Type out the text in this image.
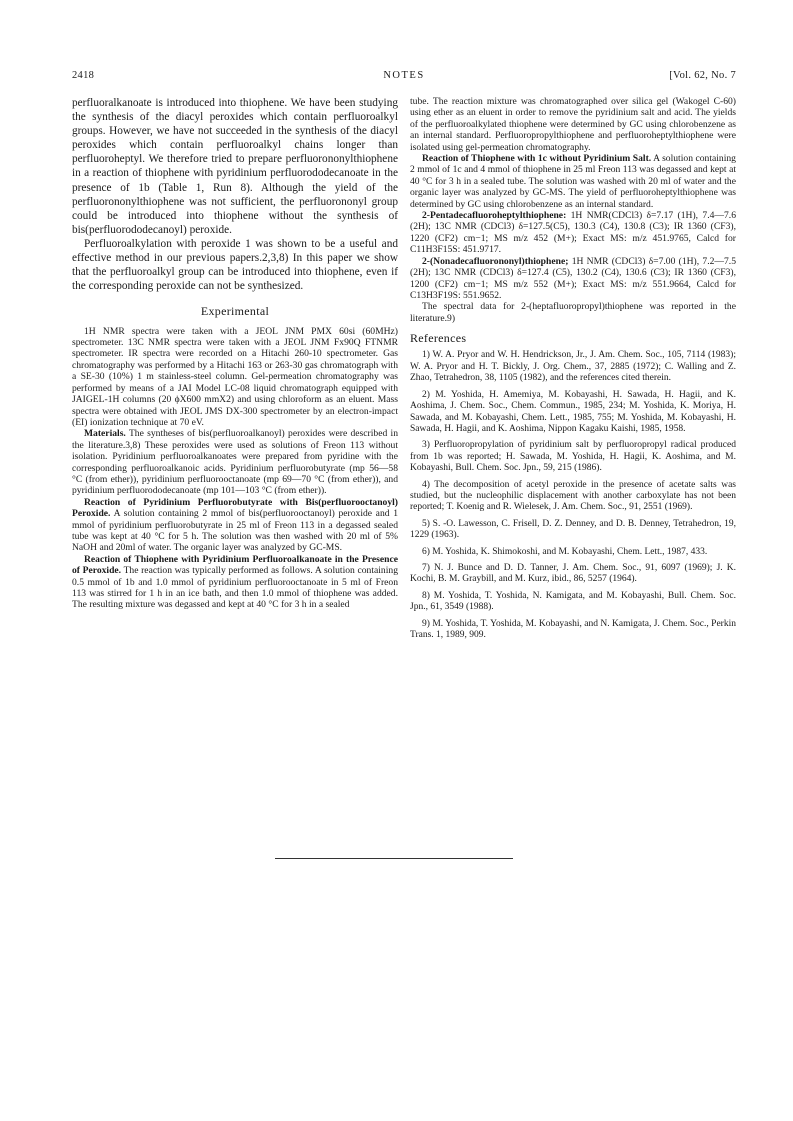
2418	NOTES	[Vol. 62, No. 7

perfluoralkanoate is introduced into thiophene. We have been studying the synthesis of the diacyl peroxides which contain perfluoroalkyl groups. However, we have not succeeded in the synthesis of the diacyl peroxides which contain perfluoroalkyl chains longer than perfluoroheptyl. We therefore tried to prepare perfluorononylthiophene in a reaction of thiophene with pyridinium perfluorododecanoate in the presence of 1b (Table 1, Run 8). Although the yield of the perfluorononylthiophene was not sufficient, the perfluorononyl group could be introduced into thiophene without the synthesis of bis(perfluorododecanoyl) peroxide.

Perfluoroalkylation with peroxide 1 was shown to be a useful and effective method in our previous papers.2,3,8) In this paper we show that the perfluoroalkyl group can be introduced into thiophene, even if the corresponding peroxide can not be synthesized.

Experimental

1H NMR spectra were taken with a JEOL JNM PMX 60si (60MHz) spectrometer. 13C NMR spectra were taken with a JEOL JNM Fx90Q FTNMR spectrometer. IR spectra were recorded on a Hitachi 260-10 spectrometer. Gas chromatography was performed by a Hitachi 163 or 263-30 gas chromatograph with a SE-30 (10%) 1 m stainless-steel column. Gel-permeation chromatography was performed by means of a JAI Model LC-08 liquid chromatograph equipped with JAIGEL-1H columns (20 ϕX600 mmX2) and using chloroform as an eluent. Mass spectra were obtained with JEOL JMS DX-300 spectrometer by an electron-impact (EI) ionization technique at 70 eV.

Materials. The syntheses of bis(perfluoroalkanoyl) peroxides were described in the literature.3,8) These peroxides were used as solutions of Freon 113 without isolation. Pyridinium perfluoroalkanoates were prepared from pyridine with the corresponding perfluoroalkanoic acids. Pyridinium perfluorobutyrate (mp 56—58 °C (from ether)), pyridinium perfluorooctanoate (mp 69—70 °C (from ether)), and pyridinium perfluorododecanoate (mp 101—103 °C (from ether)).

Reaction of Pyridinium Perfluorobutyrate with Bis(perfluorooctanoyl) Peroxide. A solution containing 2 mmol of bis(perfluorooctanoyl) peroxide and 1 mmol of pyridinium perfluorobutyrate in 25 ml of Freon 113 in a degassed sealed tube was kept at 40 °C for 5 h. The solution was then washed with 20 ml of 5% NaOH and 20ml of water. The organic layer was analyzed by GC-MS.

Reaction of Thiophene with Pyridinium Perfluoroalkanoate in the Presence of Peroxide. The reaction was typically performed as follows. A solution containing 0.5 mmol of 1b and 1.0 mmol of pyridinium perfluorooctanoate in 5 ml of Freon 113 was stirred for 1 h in an ice bath, and then 1.0 mmol of thiophene was added. The resulting mixture was degassed and kept at 40 °C for 3 h in a sealed

tube. The reaction mixture was chromatographed over silica gel (Wakogel C-60) using ether as an eluent in order to remove the pyridinium salt and acid. The yields of the perfluoroalkylated thiophene were determined by GC using chlorobenzene as an internal standard. Perfluoropropylthiophene and perfluoroheptylthiophene were isolated using gel-permeation chromatography.

Reaction of Thiophene with 1c without Pyridinium Salt. A solution containing 2 mmol of 1c and 4 mmol of thiophene in 25 ml Freon 113 was degassed and kept at 40 °C for 3 h in a sealed tube. The solution was washed with 20 ml of water and the organic layer was analyzed by GC-MS. The yield of perfluoroheptylthiophene was determined by GC using chlorobenzene as an internal standard.

2-Pentadecafluoroheptylthiophene: 1H NMR(CDCl3) δ=7.17 (1H), 7.4—7.6 (2H); 13C NMR (CDCl3) δ=127.5(C5), 130.3 (C4), 130.8 (C3); IR 1360 (CF3), 1220 (CF2) cm−1; MS m/z 452 (M+); Exact MS: m/z 451.9765, Calcd for C11H3F15S: 451.9717.

2-(Nonadecafluorononyl)thiophene; 1H NMR (CDCl3) δ=7.00 (1H), 7.2—7.5 (2H); 13C NMR (CDCl3) δ=127.4 (C5), 130.2 (C4), 130.6 (C3); IR 1360 (CF3), 1200 (CF2) cm−1; MS m/z 552 (M+); Exact MS: m/z 551.9664, Calcd for C13H3F19S: 551.9652.

The spectral data for 2-(heptafluoropropyl)thiophene was reported in the literature.9)

References

1) W. A. Pryor and W. H. Hendrickson, Jr., J. Am. Chem. Soc., 105, 7114 (1983); W. A. Pryor and H. T. Bickly, J. Org. Chem., 37, 2885 (1972); C. Walling and Z. Zhao, Tetrahedron, 38, 1105 (1982), and the references cited therein.

2) M. Yoshida, H. Amemiya, M. Kobayashi, H. Sawada, H. Hagii, and K. Aoshima, J. Chem. Soc., Chem. Commun., 1985, 234; M. Yoshida, K. Moriya, H. Sawada, and M. Kobayashi, Chem. Lett., 1985, 755; M. Yoshida, M. Kobayashi, H. Sawada, H. Hagii, and K. Aoshima, Nippon Kagaku Kaishi, 1985, 1958.

3) Perfluoropropylation of pyridinium salt by perfluoropropyl radical produced from 1b was reported; H. Sawada, M. Yoshida, H. Hagii, K. Aoshima, and M. Kobayashi, Bull. Chem. Soc. Jpn., 59, 215 (1986).

4) The decomposition of acetyl peroxide in the presence of acetate salts was studied, but the nucleophilic displacement with another carboxylate has not been reported; T. Koenig and R. Wielesek, J. Am. Chem. Soc., 91, 2551 (1969).

5) S. -O. Lawesson, C. Frisell, D. Z. Denney, and D. B. Denney, Tetrahedron, 19, 1229 (1963).

6) M. Yoshida, K. Shimokoshi, and M. Kobayashi, Chem. Lett., 1987, 433.

7) N. J. Bunce and D. D. Tanner, J. Am. Chem. Soc., 91, 6097 (1969); J. K. Kochi, B. M. Graybill, and M. Kurz, ibid., 86, 5257 (1964).

8) M. Yoshida, T. Yoshida, N. Kamigata, and M. Kobayashi, Bull. Chem. Soc. Jpn., 61, 3549 (1988).

9) M. Yoshida, T. Yoshida, M. Kobayashi, and N. Kamigata, J. Chem. Soc., Perkin Trans. 1, 1989, 909.
